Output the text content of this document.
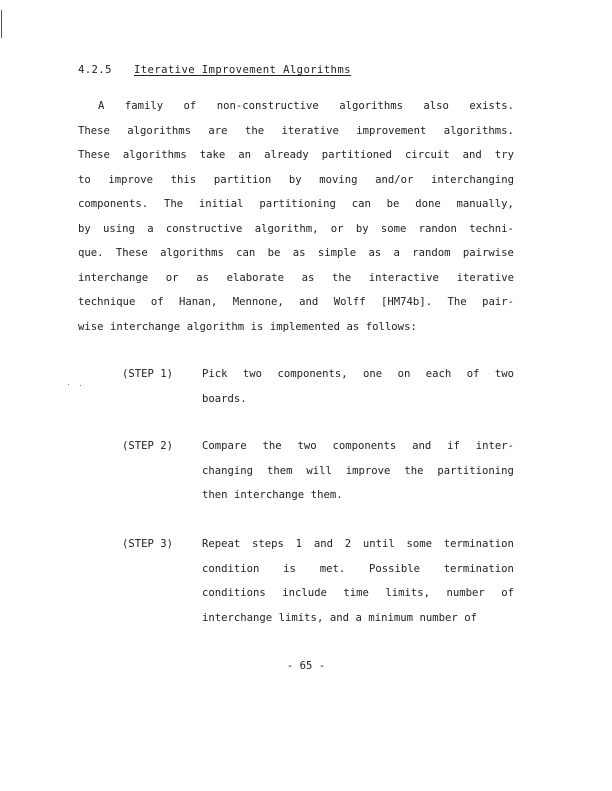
4.2.5 Iterative Improvement Algorithms
A family of non-constructive algorithms also exists.
These algorithms are the iterative improvement algorithms.
These algorithms take an already partitioned circuit and try
to improve this partition by moving and/or interchanging
components. The initial partitioning can be done manually,
by using a constructive algorithm, or by some randon techni-
que. These algorithms can be as simple as a random pairwise
interchange or as elaborate as the interactive iterative
technique of Hanan, Mennone, and Wolff [HM74b]. The pair-
wise interchange algorithm is implemented as follows:
(STEP 1)	Pick two components, one on each of two
boards.
(STEP 2)	Compare the two components and if inter-
changing them will improve the partitioning
then interchange them.
(STEP 3)	Repeat steps 1 and 2 until some termination
condition is met. Possible termination
conditions include time limits, number of
interchange limits, and a minimum number of
- 65 -
